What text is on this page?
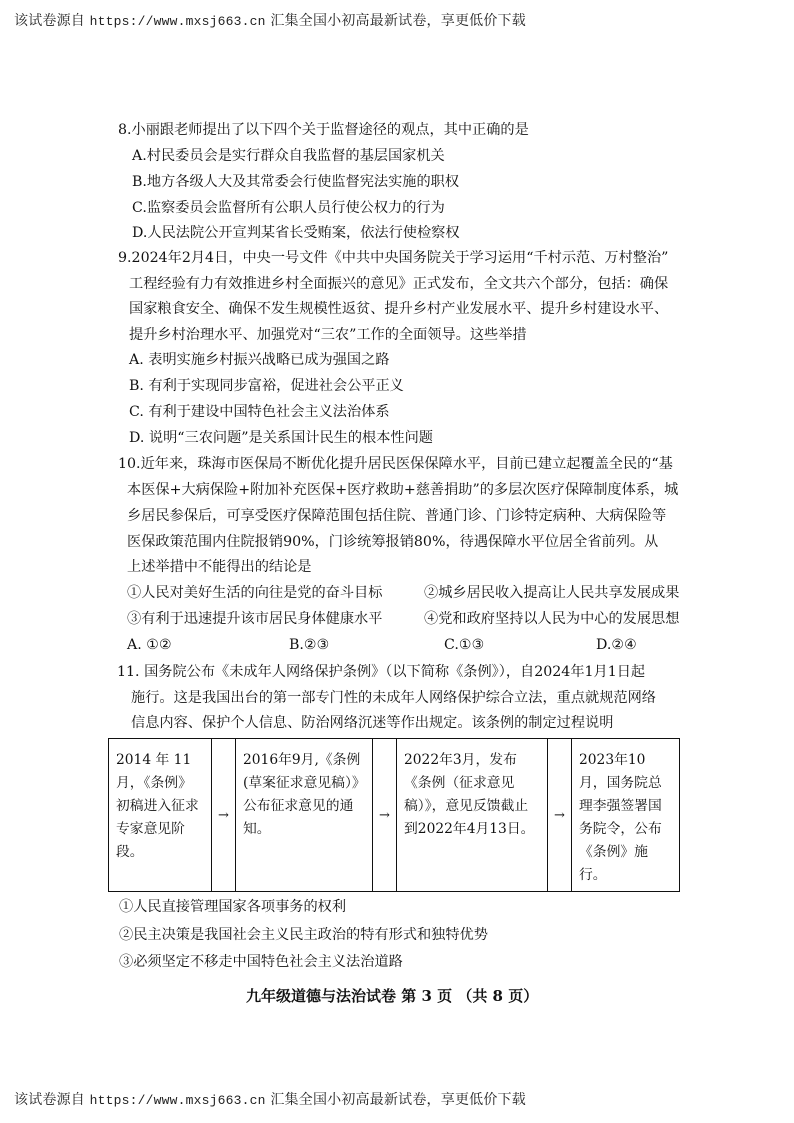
该试卷源自 https://www.mxsj663.cn 汇集全国小初高最新试卷，享更低价下载
8.小丽跟老师提出了以下四个关于监督途径的观点，其中正确的是
A.村民委员会是实行群众自我监督的基层国家机关
B.地方各级人大及其常委会行使监督宪法实施的职权
C.监察委员会监督所有公职人员行使公权力的行为
D.人民法院公开宣判某省长受贿案，依法行使检察权
9.2024年2月4日，中央一号文件《中共中央国务院关于学习运用“千村示范、万村整治”
工程经验有力有效推进乡村全面振兴的意见》正式发布，全文共六个部分，包括：确保
国家粮食安全、确保不发生规模性返贫、提升乡村产业发展水平、提升乡村建设水平、
提升乡村治理水平、加强党对“三农”工作的全面领导。这些举措
A. 表明实施乡村振兴战略已成为强国之路
B. 有利于实现同步富裕，促进社会公平正义
C. 有利于建设中国特色社会主义法治体系
D. 说明“三农问题”是关系国计民生的根本性问题
10.近年来，珠海市医保局不断优化提升居民医保保障水平，目前已建立起覆盖全民的“基
本医保+大病保险+附加补充医保+医疗救助+慈善捐助”的多层次医疗保障制度体系，城
乡居民参保后，可享受医疗保障范围包括住院、普通门诊、门诊特定病种、大病保险等
医保政策范围内住院报销90%，门诊统筹报销80%，待遇保障水平位居全省前列。从
上述举措中不能得出的结论是
①人民对美好生活的向往是党的奋斗目标	②城乡居民收入提高让人民共享发展成果
③有利于迅速提升该市居民身体健康水平	④党和政府坚持以人民为中心的发展思想
A. ①②	B.②③	C.①③	D.②④
11. 国务院公布《未成年人网络保护条例》（以下简称《条例》），自2024年1月1日起
施行。这是我国出台的第一部专门性的未成年人网络保护综合立法，重点就规范网络
信息内容、保护个人信息、防治网络沉迷等作出规定。该条例的制定过程说明
2014 年 11 月，《条例》初稿进入征求专家意见阶段。	→	2016年9月,《条例(草案征求意见稿）》公布征求意见的通知。	→	2022年3月，发布《条例（征求意见稿）》，意见反馈截止到2022年4月13日。	→	2023年10月，国务院总理李强签署国务院令，公布《条例》施行。
①人民直接管理国家各项事务的权利
②民主决策是我国社会主义民主政治的特有形式和独特优势
③必须坚定不移走中国特色社会主义法治道路
九年级道德与法治试卷 第 3 页 （共 8 页）
该试卷源自 https://www.mxsj663.cn 汇集全国小初高最新试卷，享更低价下载
